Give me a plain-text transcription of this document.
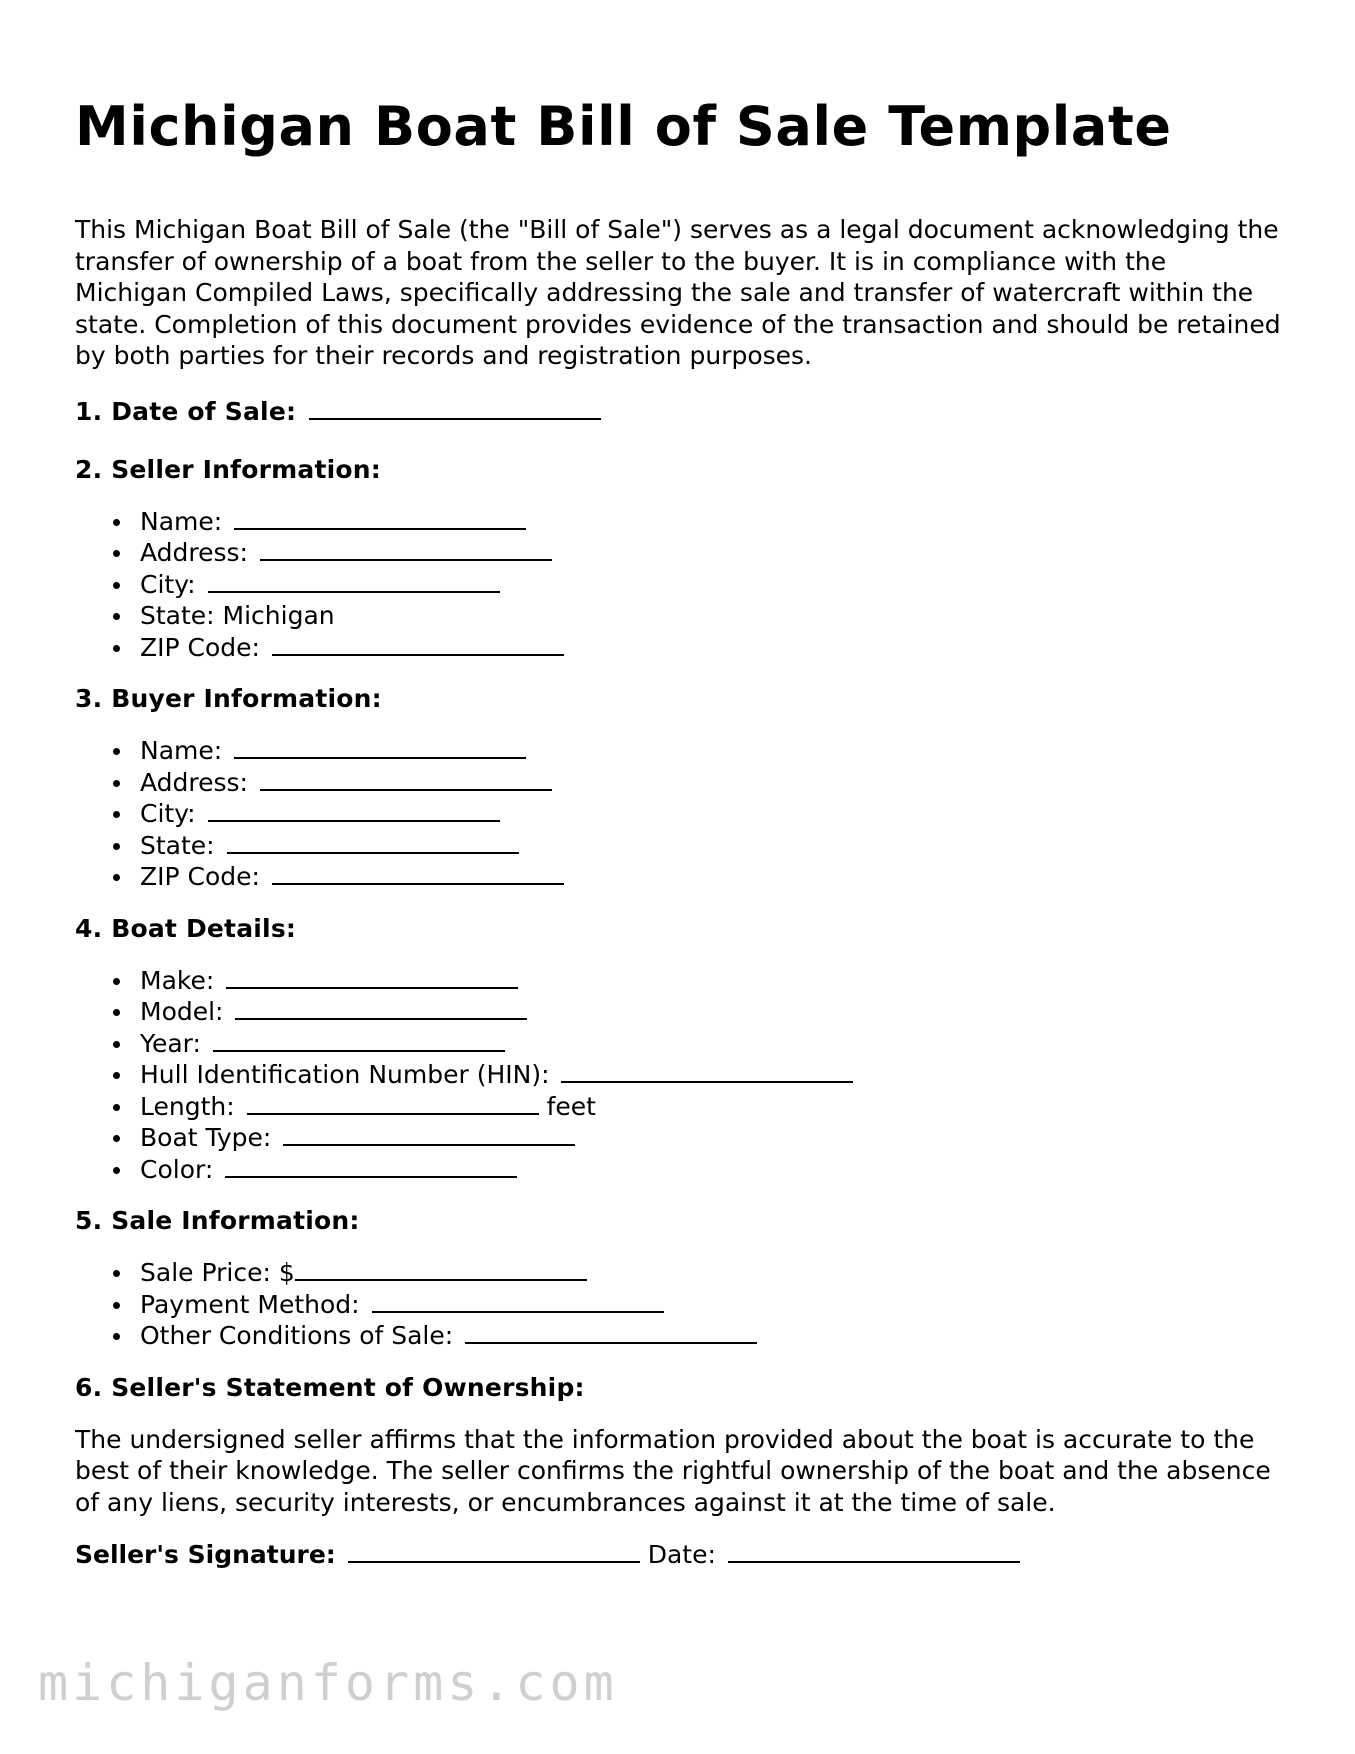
Michigan Boat Bill of Sale Template

This Michigan Boat Bill of Sale (the "Bill of Sale") serves as a legal document acknowledging the transfer of ownership of a boat from the seller to the buyer. It is in compliance with the Michigan Compiled Laws, specifically addressing the sale and transfer of watercraft within the state. Completion of this document provides evidence of the transaction and should be retained by both parties for their records and registration purposes.

1. Date of Sale:
2. Seller Information:
Name:
Address:
City:
State: Michigan
ZIP Code:
3. Buyer Information:
Name:
Address:
City:
State:
ZIP Code:
4. Boat Details:
Make:
Model:
Year:
Hull Identification Number (HIN):
Length:	feet
Boat Type:
Color:
5. Sale Information:
Sale Price: $
Payment Method:
Other Conditions of Sale:
6. Seller's Statement of Ownership:

The undersigned seller affirms that the information provided about the boat is accurate to the best of their knowledge. The seller confirms the rightful ownership of the boat and the absence of any liens, security interests, or encumbrances against it at the time of sale.

Seller's Signature:	Date:
michiganforms.com
